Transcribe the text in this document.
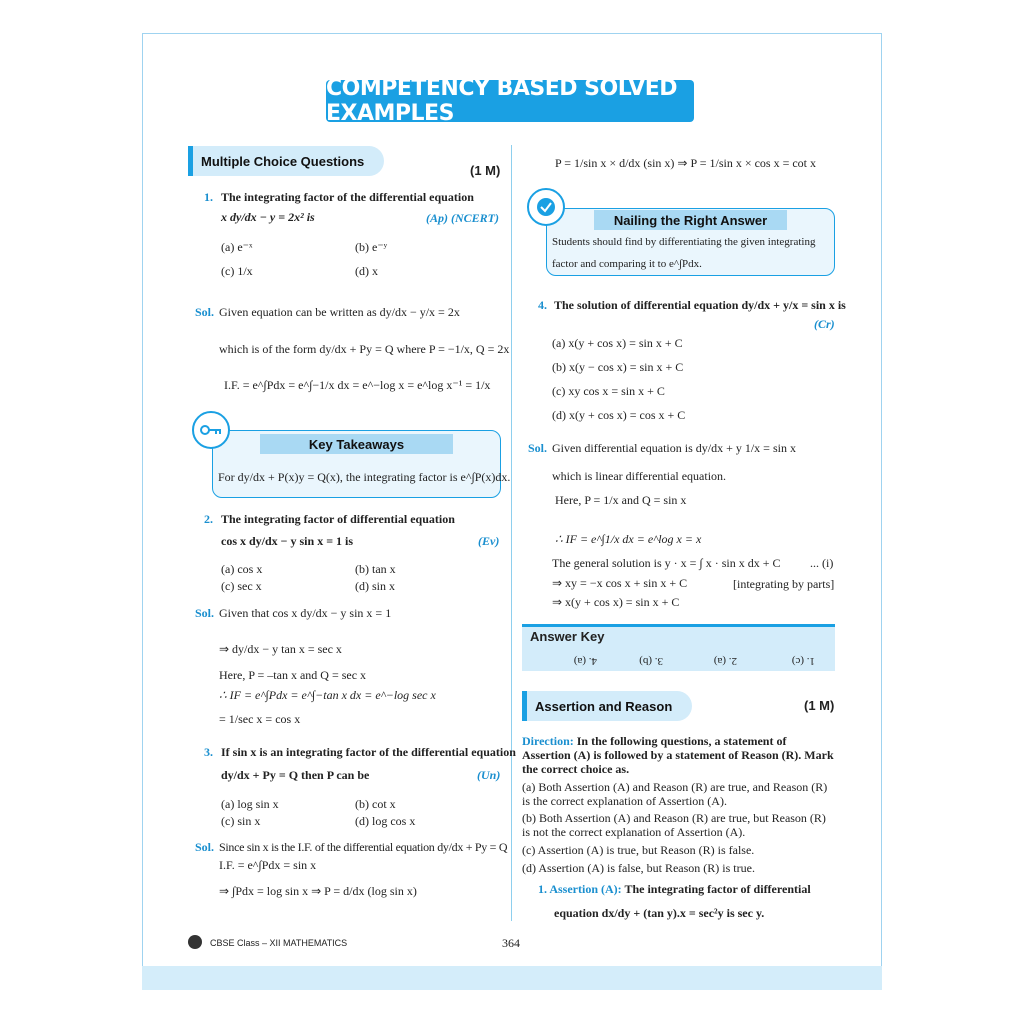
COMPETENCY BASED SOLVED EXAMPLES
Multiple Choice Questions
(1 M)
1. The integrating factor of the differential equation
x dy/dx − y = 2x² is	(Ap) (NCERT)
(a) e⁻ˣ	(b) e⁻ʸ
(c) 1/x	(d) x
Sol. Given equation can be written as dy/dx − y/x = 2x
which is of the form dy/dx + Py = Q where P = −1/x, Q = 2x
I.F. = e^∫Pdx = e^∫−1/x dx = e^−log x = e^log x⁻¹ = 1/x
Key Takeaways
For dy/dx + P(x)y = Q(x), the integrating factor is e^∫P(x)dx.
2. The integrating factor of differential equation
cos x dy/dx − y sin x = 1 is	(Ev)
(a) cos x	(b) tan x
(c) sec x	(d) sin x
Sol. Given that cos x dy/dx − y sin x = 1
⇒ dy/dx − y tan x = sec x
Here, P = –tan x and Q = sec x
∴ IF = e^∫Pdx = e^∫−tan x dx = e^−log sec x
= 1/sec x = cos x
3. If sin x is an integrating factor of the differential equation
dy/dx + Py = Q then P can be	(Un)
(a) log sin x	(b) cot x
(c) sin x	(d) log cos x
Sol. Since sin x is the I.F. of the differential equation dy/dx + Py = Q
I.F. = e^∫Pdx = sin x
⇒ ∫Pdx = log sin x ⇒ P = d/dx (log sin x)
P = 1/sin x × d/dx (sin x) ⇒ P = 1/sin x × cos x = cot x
Nailing the Right Answer
Students should find by differentiating the given integrating
factor and comparing it to e^∫Pdx.
4. The solution of differential equation dy/dx + y/x = sin x is
(Cr)
(a) x(y + cos x) = sin x + C
(b) x(y − cos x) = sin x + C
(c) xy cos x = sin x + C
(d) x(y + cos x) = cos x + C
Sol. Given differential equation is dy/dx + y 1/x = sin x
which is linear differential equation.
Here, P = 1/x and Q = sin x
∴ IF = e^∫1/x dx = e^log x = x
The general solution is y · x = ∫ x · sin x dx + C ... (i)
⇒ xy = −x cos x + sin x + C	[integrating by parts]
⇒ x(y + cos x) = sin x + C
Answer Key
1. (c)
2. (a)
3. (b)
4. (a)
Assertion and Reason	(1 M)
Direction: In the following questions, a statement of Assertion (A) is followed by a statement of Reason (R). Mark the correct choice as.
(a) Both Assertion (A) and Reason (R) are true, and Reason (R) is the correct explanation of Assertion (A).
(b) Both Assertion (A) and Reason (R) are true, but Reason (R) is not the correct explanation of Assertion (A).
(c) Assertion (A) is true, but Reason (R) is false.
(d) Assertion (A) is false, but Reason (R) is true.
1. Assertion (A): The integrating factor of differential
equation dx/dy + (tan y).x = sec²y is sec y.
CBSE Class – XII MATHEMATICS	364
